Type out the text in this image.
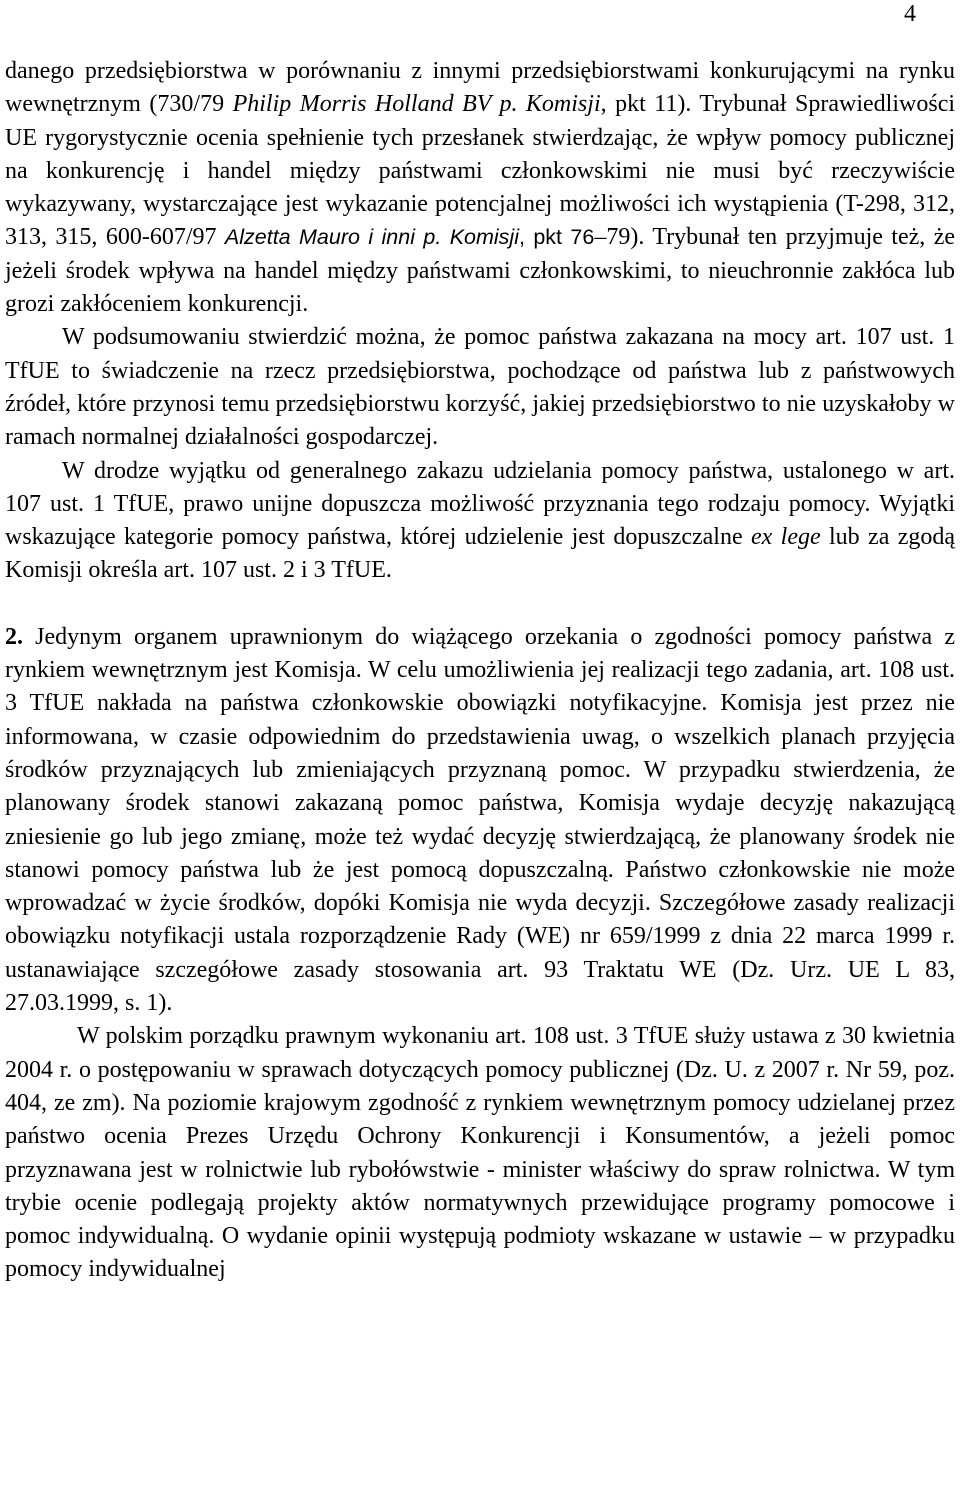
4

danego przedsiębiorstwa w porównaniu z innymi przedsiębiorstwami konkurującymi na rynku wewnętrznym (730/79 Philip Morris Holland BV p. Komisji, pkt 11). Trybunał Sprawiedliwości UE rygorystycznie ocenia spełnienie tych przesłanek stwierdzając, że wpływ pomocy publicznej na konkurencję i handel między państwami członkowskimi nie musi być rzeczywiście wykazywany, wystarczające jest wykazanie potencjalnej możliwości ich wystąpienia (T-298, 312, 313, 315, 600-607/97 Alzetta Mauro i inni p. Komisji, pkt 76–79). Trybunał ten przyjmuje też, że jeżeli środek wpływa na handel między państwami członkowskimi, to nieuchronnie zakłóca lub grozi zakłóceniem konkurencji.

W podsumowaniu stwierdzić można, że pomoc państwa zakazana na mocy art. 107 ust. 1 TfUE to świadczenie na rzecz przedsiębiorstwa, pochodzące od państwa lub z państwowych źródeł, które przynosi temu przedsiębiorstwu korzyść, jakiej przedsiębiorstwo to nie uzyskałoby w ramach normalnej działalności gospodarczej.

W drodze wyjątku od generalnego zakazu udzielania pomocy państwa, ustalonego w art. 107 ust. 1 TfUE, prawo unijne dopuszcza możliwość przyznania tego rodzaju pomocy. Wyjątki wskazujące kategorie pomocy państwa, której udzielenie jest dopuszczalne ex lege lub za zgodą Komisji określa art. 107 ust. 2 i 3 TfUE.

2. Jedynym organem uprawnionym do wiążącego orzekania o zgodności pomocy państwa z rynkiem wewnętrznym jest Komisja. W celu umożliwienia jej realizacji tego zadania, art. 108 ust. 3 TfUE nakłada na państwa członkowskie obowiązki notyfikacyjne. Komisja jest przez nie informowana, w czasie odpowiednim do przedstawienia uwag, o wszelkich planach przyjęcia środków przyznających lub zmieniających przyznaną pomoc. W przypadku stwierdzenia, że planowany środek stanowi zakazaną pomoc państwa, Komisja wydaje decyzję nakazującą zniesienie go lub jego zmianę, może też wydać decyzję stwierdzającą, że planowany środek nie stanowi pomocy państwa lub że jest pomocą dopuszczalną. Państwo członkowskie nie może wprowadzać w życie środków, dopóki Komisja nie wyda decyzji. Szczegółowe zasady realizacji obowiązku notyfikacji ustala rozporządzenie Rady (WE) nr 659/1999 z dnia 22 marca 1999 r. ustanawiające szczegółowe zasady stosowania art. 93 Traktatu WE (Dz. Urz. UE L 83, 27.03.1999, s. 1).

W polskim porządku prawnym wykonaniu art. 108 ust. 3 TfUE służy ustawa z 30 kwietnia 2004 r. o postępowaniu w sprawach dotyczących pomocy publicznej (Dz. U. z 2007 r. Nr 59, poz. 404, ze zm). Na poziomie krajowym zgodność z rynkiem wewnętrznym pomocy udzielanej przez państwo ocenia Prezes Urzędu Ochrony Konkurencji i Konsumentów, a jeżeli pomoc przyznawana jest w rolnictwie lub rybołówstwie - minister właściwy do spraw rolnictwa. W tym trybie ocenie podlegają projekty aktów normatywnych przewidujące programy pomocowe i pomoc indywidualną. O wydanie opinii występują podmioty wskazane w ustawie – w przypadku pomocy indywidualnej
